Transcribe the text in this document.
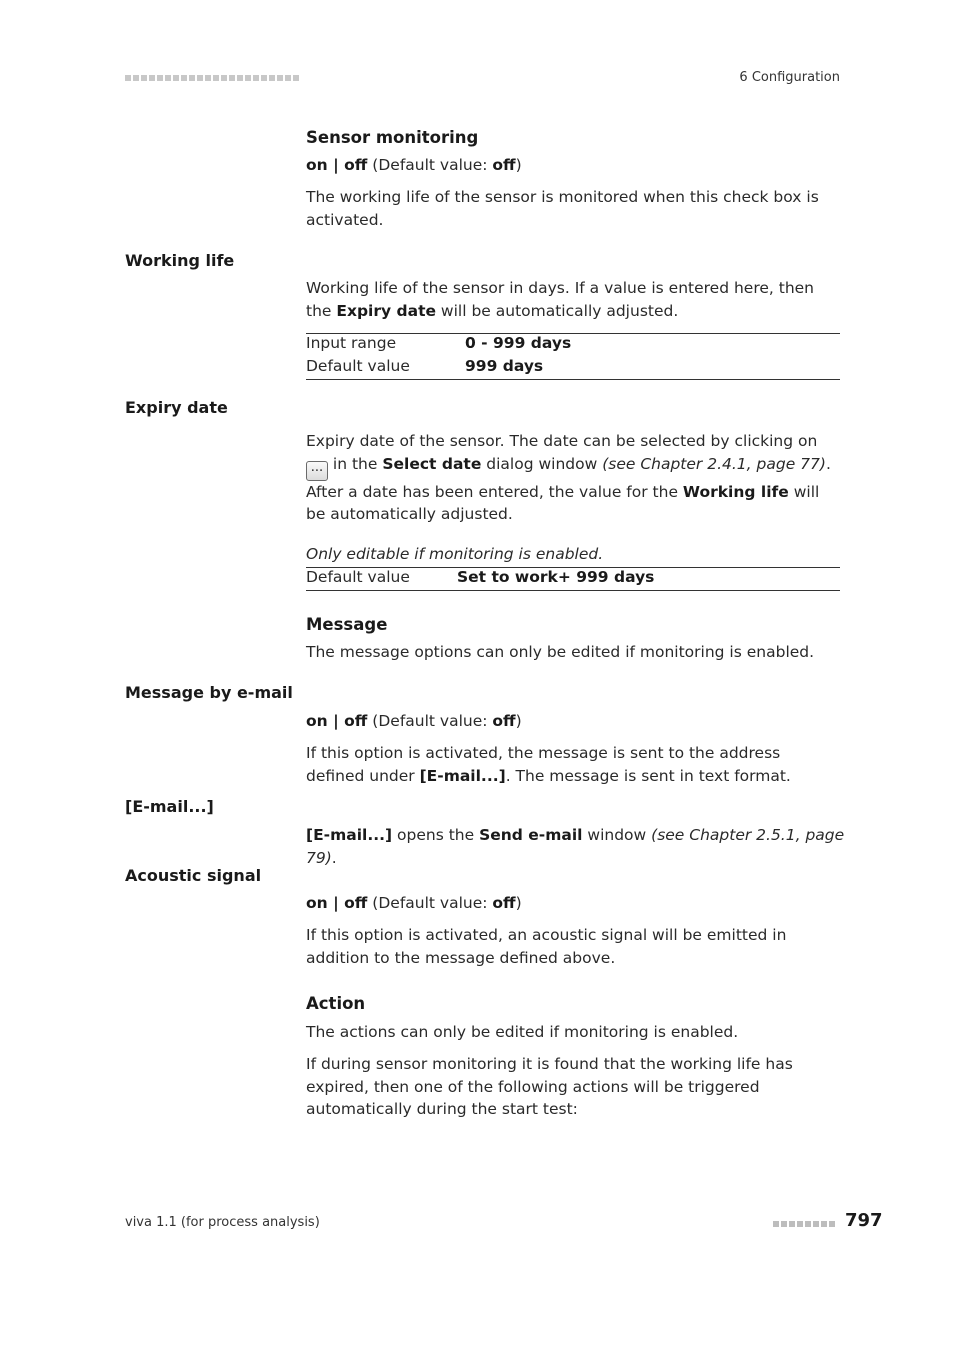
6 Configuration
Sensor monitoring
on | off (Default value: off)
The working life of the sensor is monitored when this check box is activated.
Working life
Working life of the sensor in days. If a value is entered here, then the Expiry date will be automatically adjusted.
Input range	0 - 999 days
Default value	999 days
Expiry date
Expiry date of the sensor. The date can be selected by clicking on ... in the Select date dialog window (see Chapter 2.4.1, page 77). After a date has been entered, the value for the Working life will be automatically adjusted.
Only editable if monitoring is enabled.
Default value	Set to work+ 999 days
Message
The message options can only be edited if monitoring is enabled.
Message by e-mail
on | off (Default value: off)
If this option is activated, the message is sent to the address defined under [E-mail...]. The message is sent in text format.
[E-mail...]
[E-mail...] opens the Send e-mail window (see Chapter 2.5.1, page 79).
Acoustic signal
on | off (Default value: off)
If this option is activated, an acoustic signal will be emitted in addition to the message defined above.
Action
The actions can only be edited if monitoring is enabled.
If during sensor monitoring it is found that the working life has expired, then one of the following actions will be triggered automatically during the start test:
viva 1.1 (for process analysis)	797
